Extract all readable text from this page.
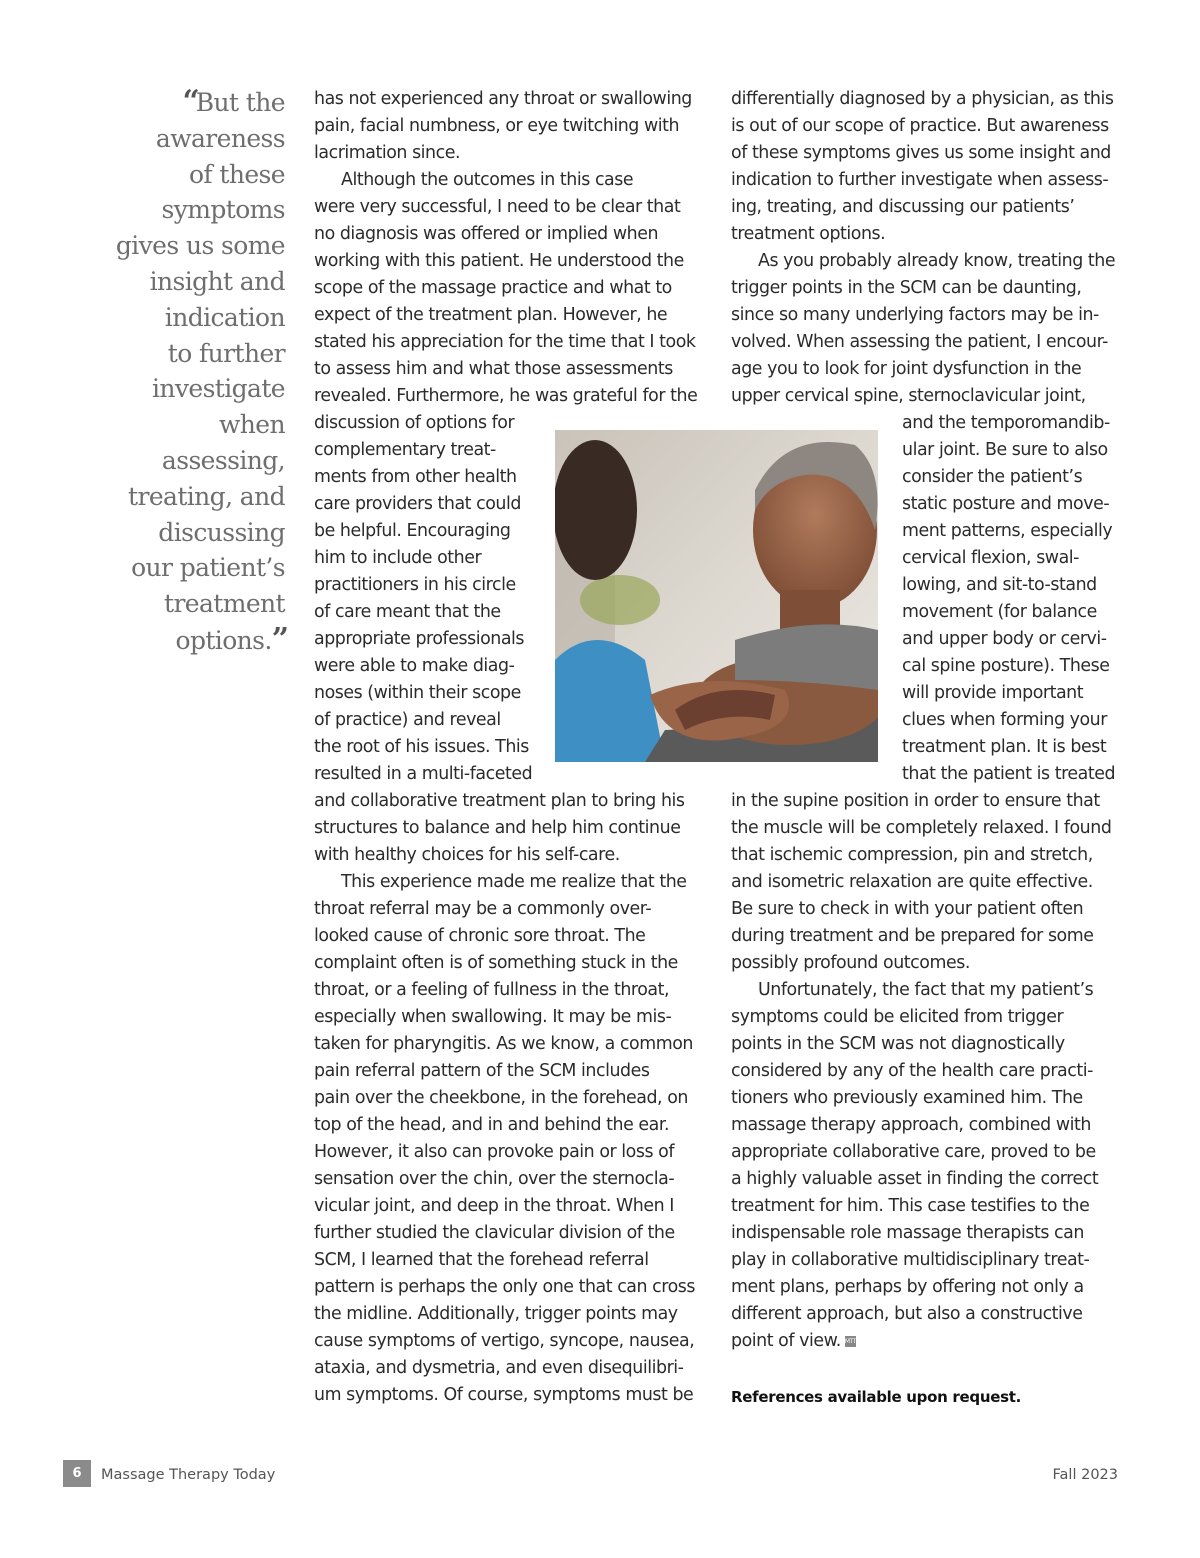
“But the
awareness
of these
symptoms
gives us some
insight and
indication
to further
investigate
when assessing,
treating, and
discussing
our patient’s
treatment
options.”
has not experienced any throat or swallowing
pain, facial numbness, or eye twitching with
lacrimation since.
Although the outcomes in this case
were very successful, I need to be clear that
no diagnosis was offered or implied when
working with this patient. He understood the
scope of the massage practice and what to
expect of the treatment plan. However, he
stated his appreciation for the time that I took
to assess him and what those assessments
revealed. Furthermore, he was grateful for the
discussion of options for
complementary treat-
ments from other health
care providers that could
be helpful. Encouraging
him to include other
practitioners in his circle
of care meant that the
appropriate professionals
were able to make diag-
noses (within their scope
of practice) and reveal
the root of his issues. This
resulted in a multi-faceted
and collaborative treatment plan to bring his
structures to balance and help him continue
with healthy choices for his self-care.
This experience made me realize that the
throat referral may be a commonly over-
looked cause of chronic sore throat. The
complaint often is of something stuck in the
throat, or a feeling of fullness in the throat,
especially when swallowing. It may be mis-
taken for pharyngitis. As we know, a common
pain referral pattern of the SCM includes
pain over the cheekbone, in the forehead, on
top of the head, and in and behind the ear.
However, it also can provoke pain or loss of
sensation over the chin, over the sternocla-
vicular joint, and deep in the throat. When I
further studied the clavicular division of the
SCM, I learned that the forehead referral
pattern is perhaps the only one that can cross
the midline. Additionally, trigger points may
cause symptoms of vertigo, syncope, nausea,
ataxia, and dysmetria, and even disequilibri-
um symptoms. Of course, symptoms must be
differentially diagnosed by a physician, as this
is out of our scope of practice. But awareness
of these symptoms gives us some insight and
indication to further investigate when assess-
ing, treating, and discussing our patients’
treatment options.
As you probably already know, treating the
trigger points in the SCM can be daunting,
since so many underlying factors may be in-
volved. When assessing the patient, I encour-
age you to look for joint dysfunction in the
upper cervical spine, sternoclavicular joint,
and the temporomandib-
ular joint. Be sure to also
consider the patient’s
static posture and move-
ment patterns, especially
cervical flexion, swal-
lowing, and sit-to-stand
movement (for balance
and upper body or cervi-
cal spine posture). These
will provide important
clues when forming your
treatment plan. It is best
that the patient is treated
in the supine position in order to ensure that
the muscle will be completely relaxed. I found
that ischemic compression, pin and stretch,
and isometric relaxation are quite effective.
Be sure to check in with your patient often
during treatment and be prepared for some
possibly profound outcomes.
Unfortunately, the fact that my patient’s
symptoms could be elicited from trigger
points in the SCM was not diagnostically
considered by any of the health care practi-
tioners who previously examined him. The
massage therapy approach, combined with
appropriate collaborative care, proved to be
a highly valuable asset in finding the correct
treatment for him. This case testifies to the
indispensable role massage therapists can
play in collaborative multidisciplinary treat-
ment plans, perhaps by offering not only a
different approach, but also a constructive
point of view. MTT

References available upon request.
6	Massage Therapy Today	Fall 2023
